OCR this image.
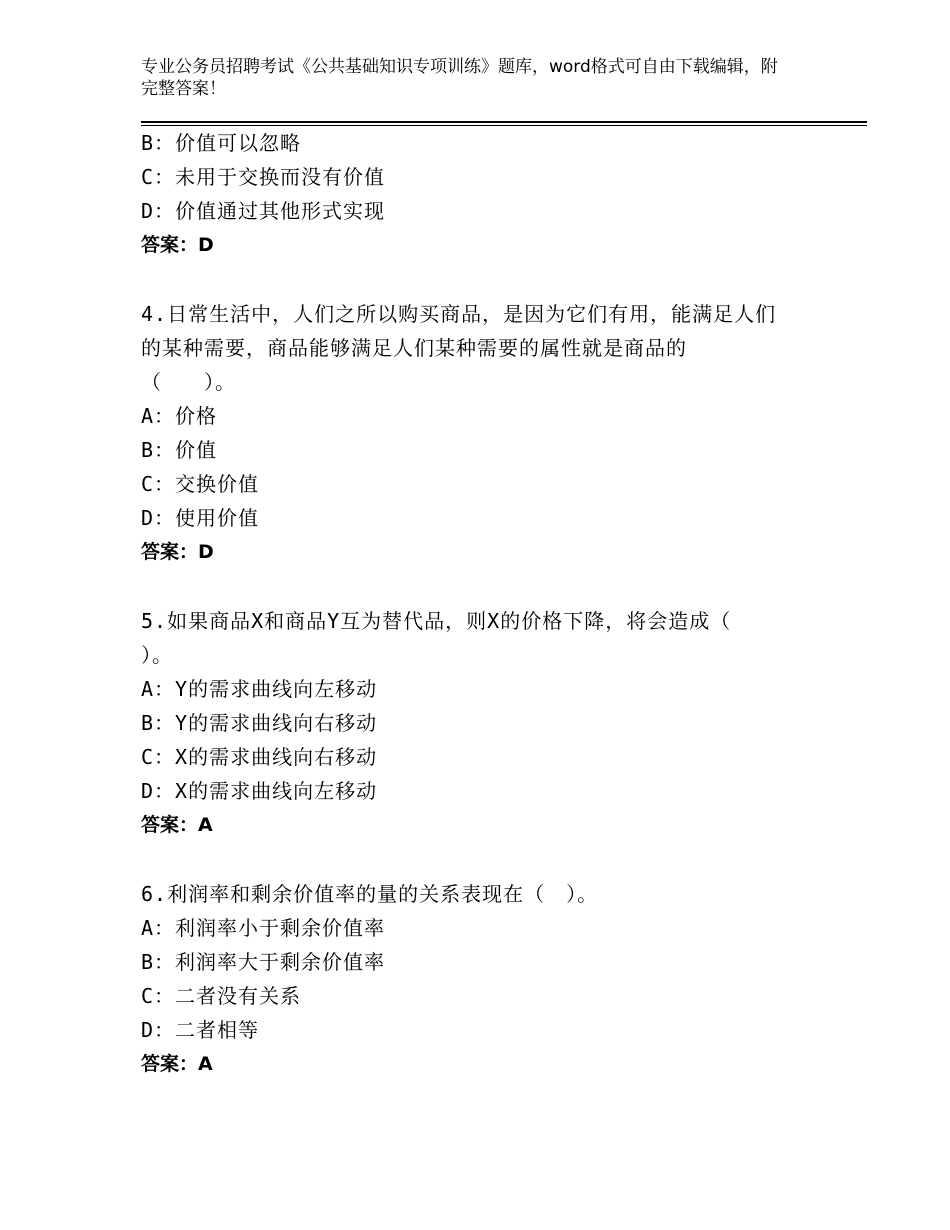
专业公务员招聘考试《公共基础知识专项训练》题库，word格式可自由下载编辑，附完整答案！
B：价值可以忽略
C：未用于交换而没有价值
D：价值通过其他形式实现
答案：D
4.日常生活中，人们之所以购买商品，是因为它们有用，能满足人们
的某种需要，商品能够满足人们某种需要的属性就是商品的
（　　）。
A：价格
B：价值
C：交换价值
D：使用价值
答案：D
5.如果商品X和商品Y互为替代品，则X的价格下降，将会造成（
）。
A：Y的需求曲线向左移动
B：Y的需求曲线向右移动
C：X的需求曲线向右移动
D：X的需求曲线向左移动
答案：A
6.利润率和剩余价值率的量的关系表现在（　）。
A：利润率小于剩余价值率
B：利润率大于剩余价值率
C：二者没有关系
D：二者相等
答案：A
